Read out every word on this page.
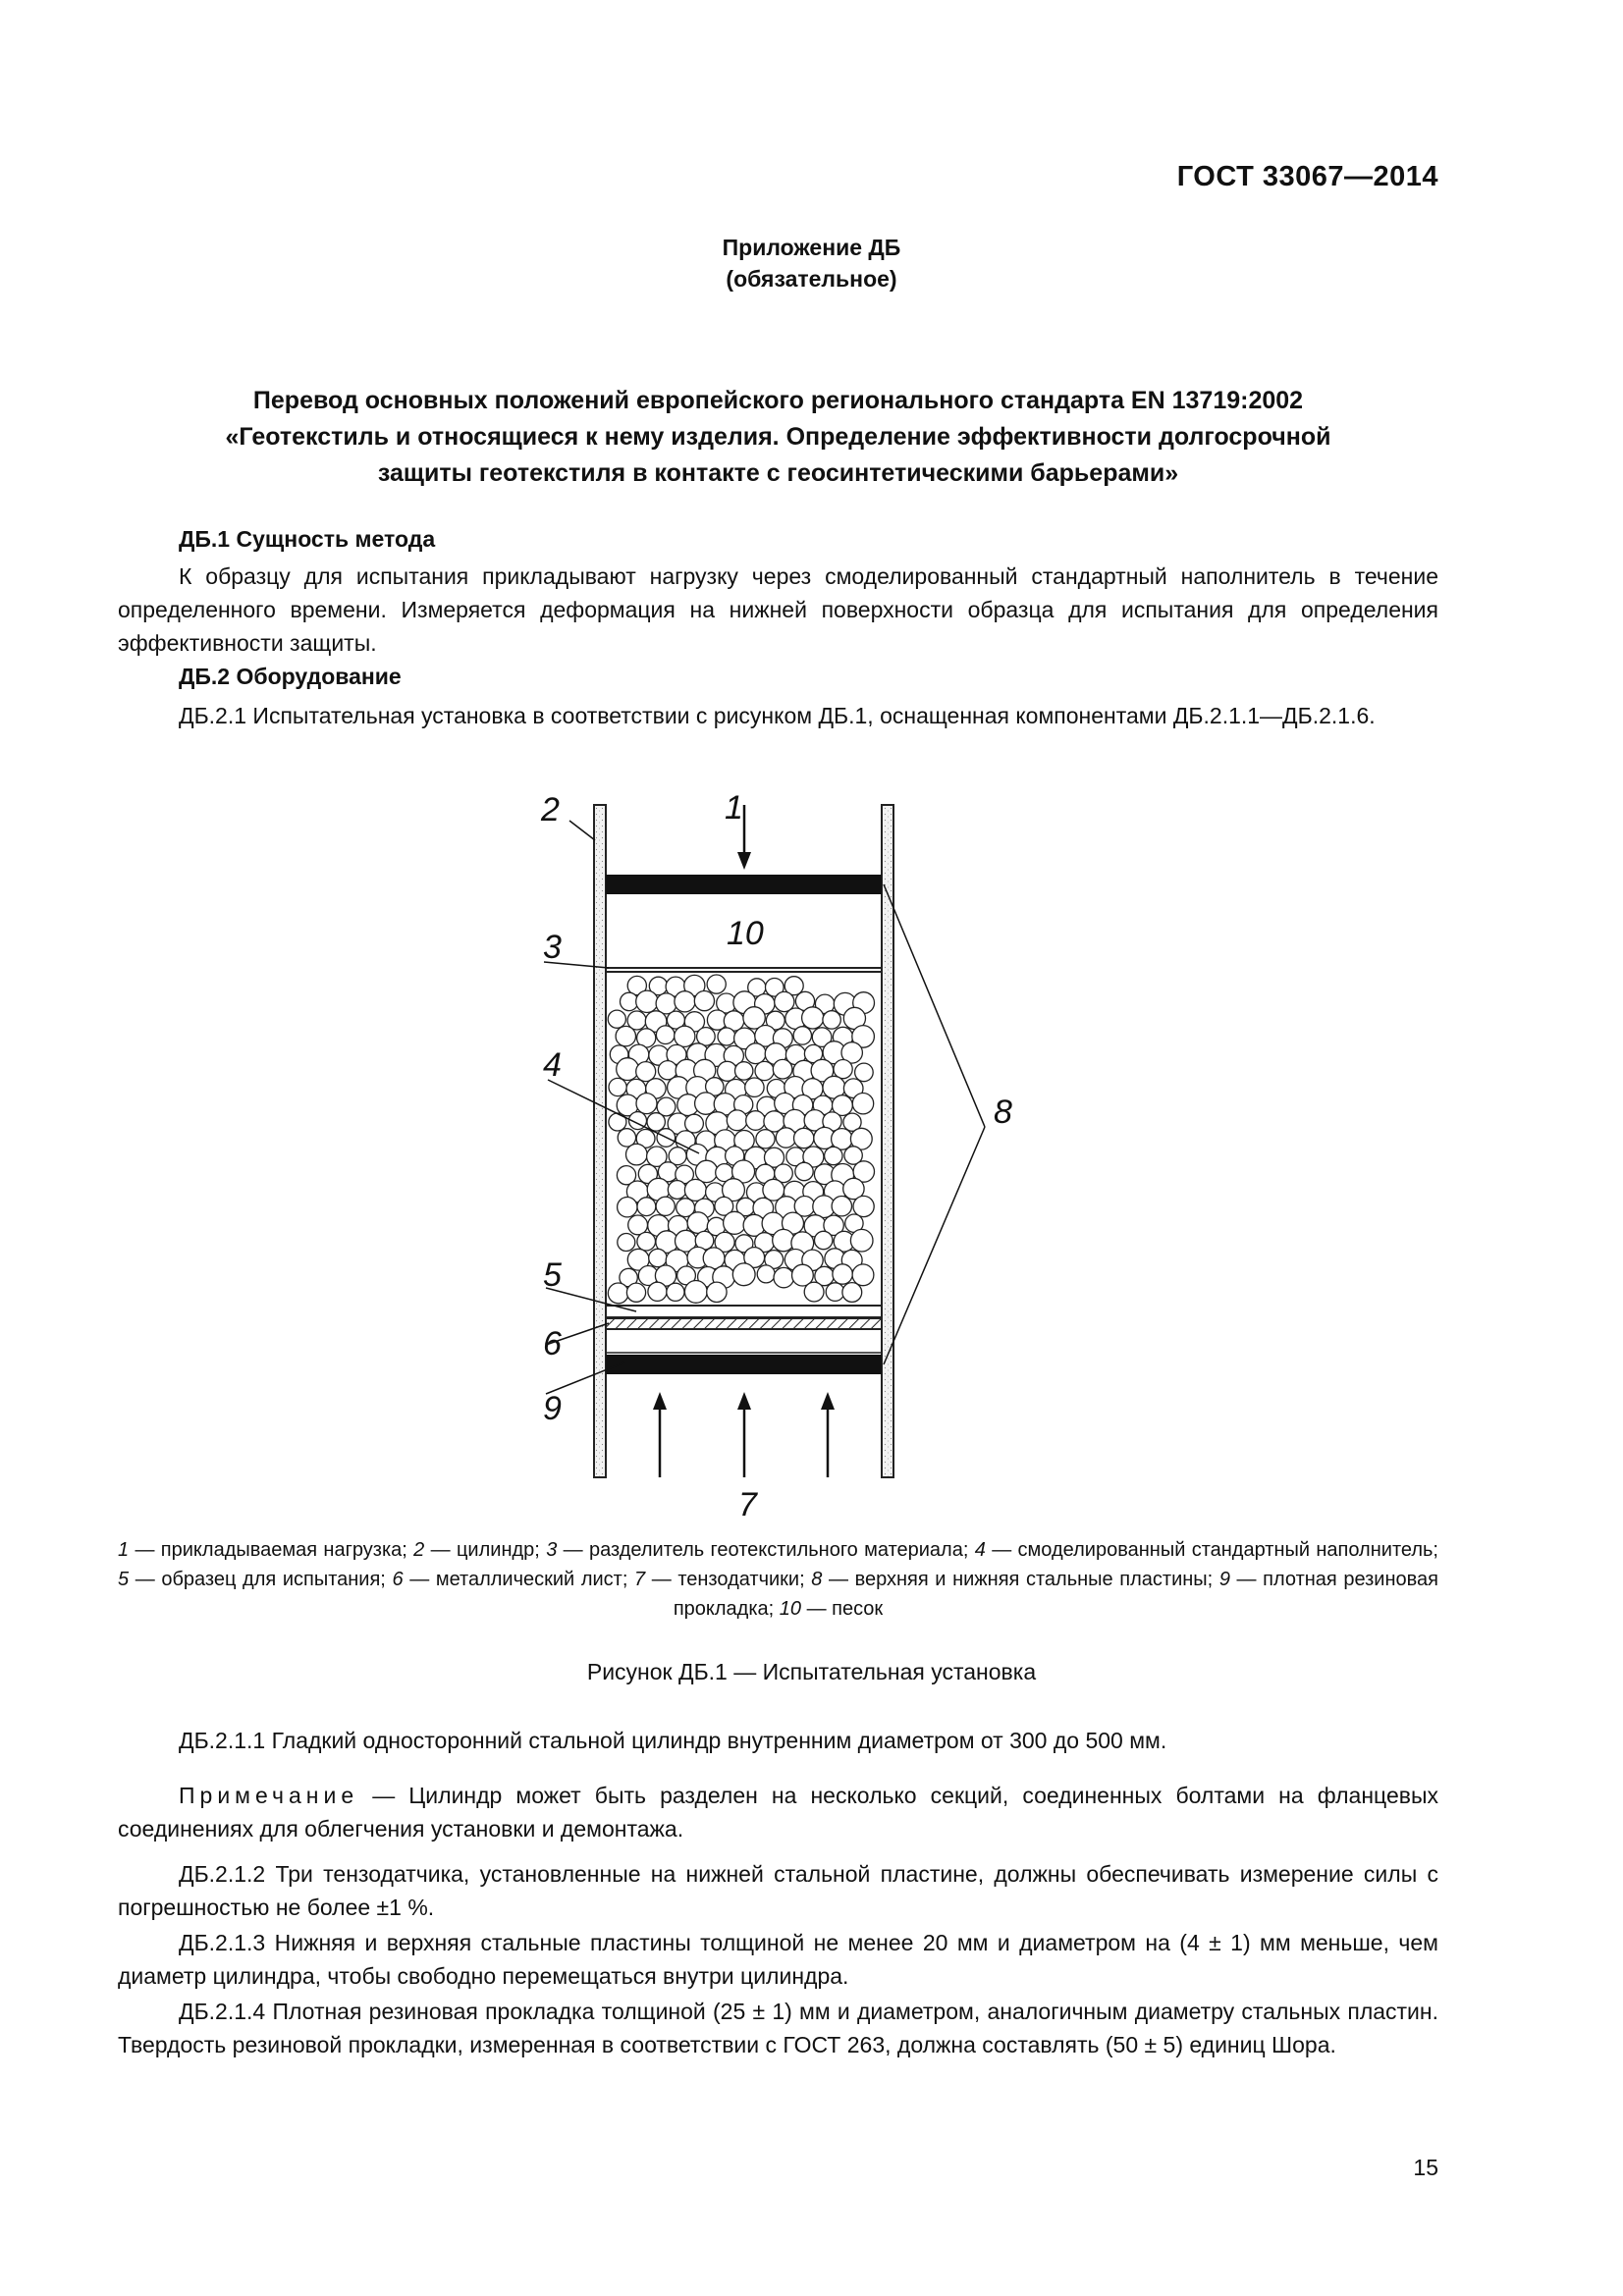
ГОСТ 33067—2014
Приложение ДБ
(обязательное)
Перевод основных положений европейского регионального стандарта EN 13719:2002
«Геотекстиль и относящиеся к нему изделия. Определение эффективности долгосрочной
защиты геотекстиля в контакте с геосинтетическими барьерами»
ДБ.1 Сущность метода
К образцу для испытания прикладывают нагрузку через смоделированный стандартный наполнитель в течение определенного времени. Измеряется деформация на нижней поверхности образца для испытания для определения эффективности защиты.
ДБ.2 Оборудование
ДБ.2.1 Испытательная установка в соответствии с рисунком ДБ.1, оснащенная компонентами ДБ.2.1.1—ДБ.2.1.6.
1
2
3
4
5
6
7
8
9
10
1 — прикладываемая нагрузка; 2 — цилиндр; 3 — разделитель геотекстильного материала; 4 — смоделированный стандартный наполнитель; 5 — образец для испытания; 6 — металлический лист; 7 — тензодатчики; 8 — верхняя и нижняя стальные пластины; 9 — плотная резиновая прокладка; 10 — песок
Рисунок ДБ.1 — Испытательная установка
ДБ.2.1.1 Гладкий односторонний стальной цилиндр внутренним диаметром от 300 до 500 мм.
Примечание — Цилиндр может быть разделен на несколько секций, соединенных болтами на фланцевых соединениях для облегчения установки и демонтажа.
ДБ.2.1.2 Три тензодатчика, установленные на нижней стальной пластине, должны обеспечивать измерение силы с погрешностью не более ±1 %.
ДБ.2.1.3 Нижняя и верхняя стальные пластины толщиной не менее 20 мм и диаметром на (4 ± 1) мм меньше, чем диаметр цилиндра, чтобы свободно перемещаться внутри цилиндра.
ДБ.2.1.4 Плотная резиновая прокладка толщиной (25 ± 1) мм и диаметром, аналогичным диаметру стальных пластин. Твердость резиновой прокладки, измеренная в соответствии с ГОСТ 263, должна составлять (50 ± 5) единиц Шора.
15
